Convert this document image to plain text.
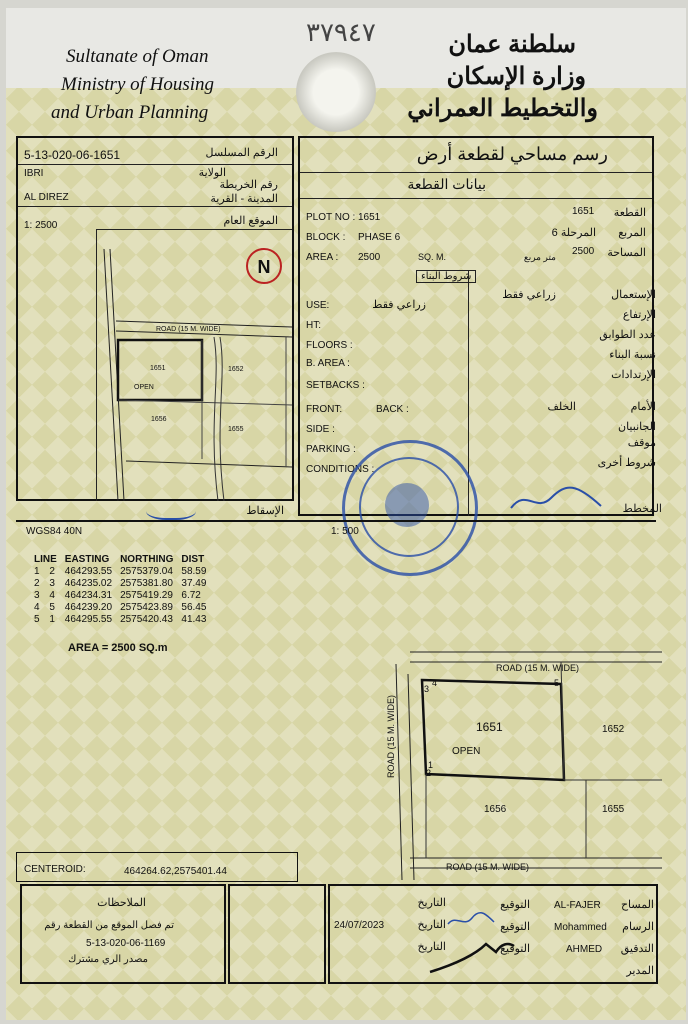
٣٧٩٤٧
Sultanate of Oman
Ministry of Housing
and Urban Planning
سلطنة عمان
وزارة الإسكان
والتخطيط العمراني
5-13-020-06-1651	الرقم المسلسل
IBRI	الولاية
رقم الخريطة
AL DIREZ	المدينة - القرية
1: 2500	الموقع العام
ROAD (15 M. WIDE)
1651
OPEN
1652
1656
1655
N
الإسقاط
رسم مساحي لقطعة أرض
بيانات القطعة
PLOT NO : 1651
1651 القطعة
BLOCK : PHASE 6	المرحلة 6 المربع
AREA : 2500	SQ. M.	متر مربع 2500 المساحة
شروط البناء
USE:	زراعي فقط
زراعي فقط	الإستعمال
HT:
الإرتفاع
FLOORS :
عدد الطوابق
B. AREA :
نسبة البناء
SETBACKS :
الإرتدادات
FRONT:	BACK :	الخلف	الأمام
SIDE :	الجانبيان
PARKING :
موقف
CONDITIONS :
شروط أخرى
المخطط
WGS84 40N	1: 500
LINE		EASTING	NORTHING	DIST
1	2	464293.55	2575379.04	58.59
2	3	464235.02	2575381.80	37.49
3	4	464234.31	2575419.29	6.72
4	5	464239.20	2575423.89	56.45
5	1	464295.55	2575420.43	41.43
AREA = 2500 SQ.m
ROAD (15 M. WIDE)
ROAD (15 M. WIDE)
ROAD (15 M. WIDE)
1651
OPEN
1652
1656	1655
1
2
3
4	5
CENTEROID:	464264.62,2575401.44
الملاحظات
تم فصل الموقع من القطعة رقم
5-13-020-06-1169
مصدر الري مشترك
المساح
AL-FAJER
التوقيع
التاريخ
الرسام
Mohammed
التوقيع
24/07/2023	التاريخ
التدقيق
AHMED
التوقيع
التاريخ
المدير
